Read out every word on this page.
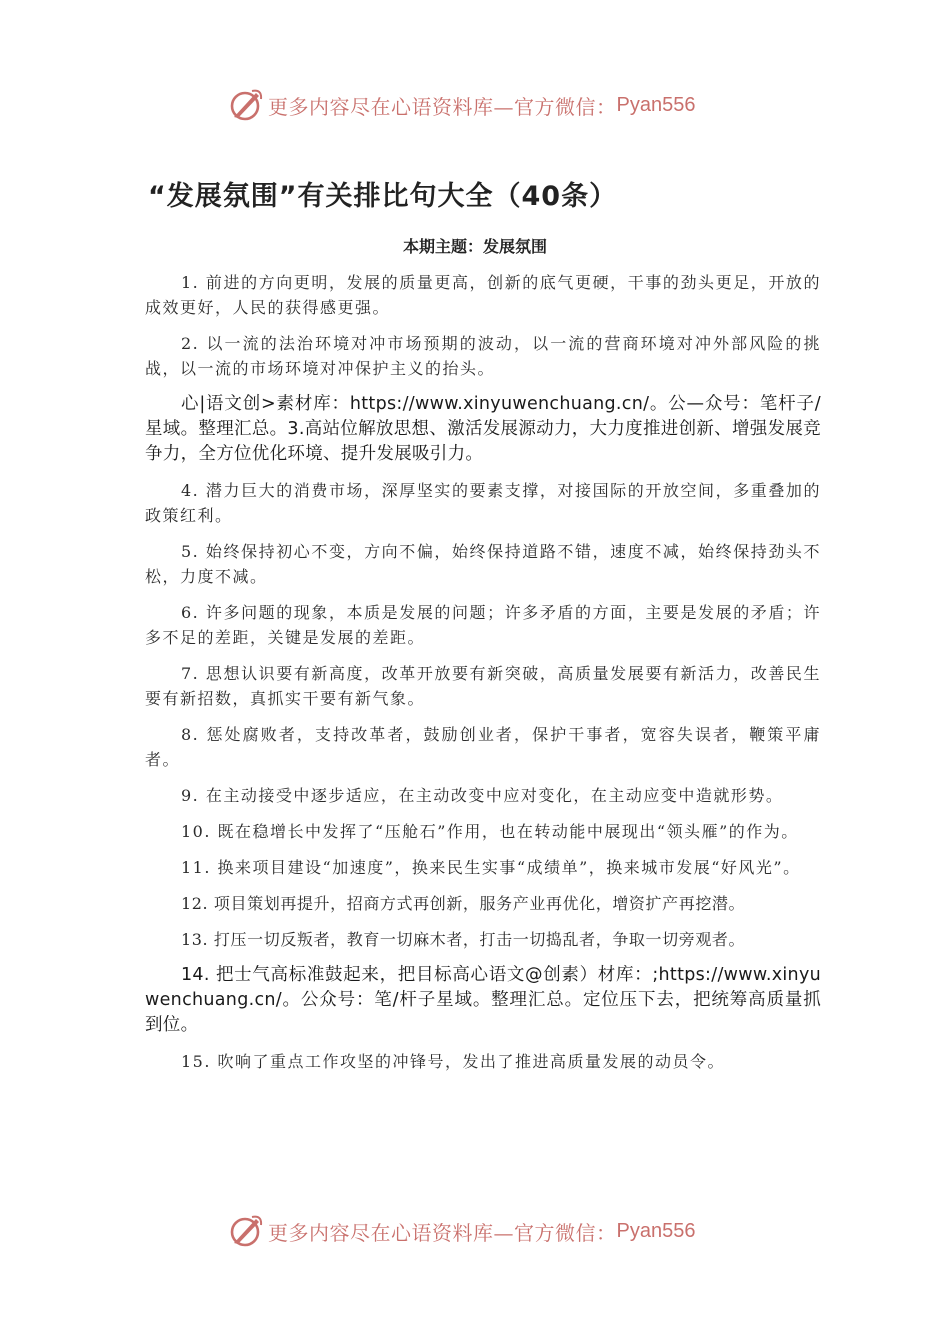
更多内容尽在心语资料库—官方微信： Pyan556
“发展氛围”有关排比句大全（40条）
本期主题：发展氛围

1. 前进的方向更明，发展的质量更高，创新的底气更硬，干事的劲头更足，开放的成效更好，人民的获得感更强。

2. 以一流的法治环境对冲市场预期的波动，以一流的营商环境对冲外部风险的挑战，以一流的市场环境对冲保护主义的抬头。

心|语文创>素材库：https://www.xinyuwenchuang.cn/。公—众号：笔杆子/星域。整理汇总。3.高站位解放思想、激活发展源动力，大力度推进创新、增强发展竞争力，全方位优化环境、提升发展吸引力。

4. 潜力巨大的消费市场，深厚坚实的要素支撑，对接国际的开放空间，多重叠加的政策红利。

5. 始终保持初心不变，方向不偏，始终保持道路不错，速度不减，始终保持劲头不松，力度不减。

6. 许多问题的现象，本质是发展的问题；许多矛盾的方面，主要是发展的矛盾；许多不足的差距，关键是发展的差距。

7. 思想认识要有新高度，改革开放要有新突破，高质量发展要有新活力，改善民生要有新招数，真抓实干要有新气象。

8. 惩处腐败者，支持改革者，鼓励创业者，保护干事者，宽容失误者，鞭策平庸者。

9. 在主动接受中逐步适应，在主动改变中应对变化，在主动应变中造就形势。

10. 既在稳增长中发挥了“压舱石”作用，也在转动能中展现出“领头雁”的作为。

11. 换来项目建设“加速度”，换来民生实事“成绩单”，换来城市发展“好风光”。

12. 项目策划再提升，招商方式再创新，服务产业再优化，增资扩产再挖潜。

13. 打压一切反叛者，教育一切麻木者，打击一切捣乱者，争取一切旁观者。

14. 把士气高标准鼓起来，把目标高心语文@创素）材库：;https://www.xinyuwenchuang.cn/。公众号：笔/杆子星域。整理汇总。定位压下去，把统筹高质量抓到位。

15. 吹响了重点工作攻坚的冲锋号，发出了推进高质量发展的动员令。

更多内容尽在心语资料库—官方微信： Pyan556
